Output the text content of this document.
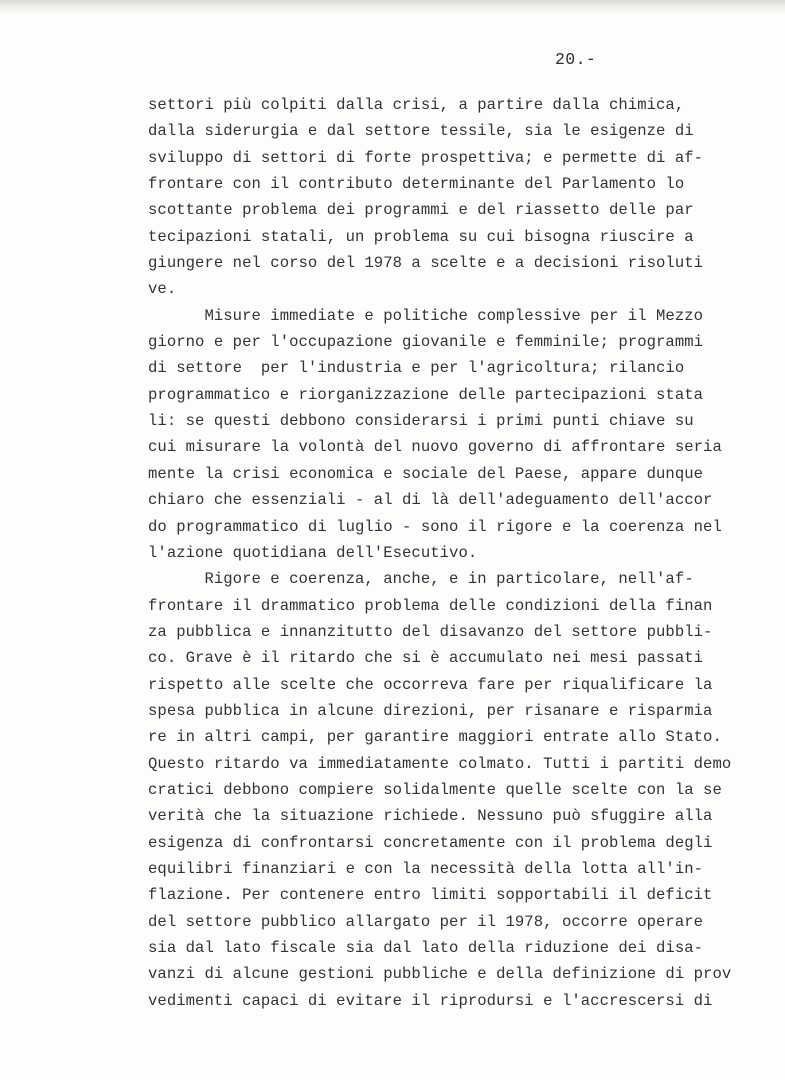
20.-
settori più colpiti dalla crisi, a partire dalla chimica,
dalla siderurgia e dal settore tessile, sia le esigenze di
sviluppo di settori di forte prospettiva; e permette di af-
frontare con il contributo determinante del Parlamento lo
scottante problema dei programmi e del riassetto delle par
tecipazioni statali, un problema su cui bisogna riuscire a
giungere nel corso del 1978 a scelte e a decisioni risoluti
ve.
Misure immediate e politiche complessive per il Mezzo
giorno e per l'occupazione giovanile e femminile; programmi
di settore  per l'industria e per l'agricoltura; rilancio
programmatico e riorganizzazione delle partecipazioni stata
li: se questi debbono considerarsi i primi punti chiave su
cui misurare la volontà del nuovo governo di affrontare seria
mente la crisi economica e sociale del Paese, appare dunque
chiaro che essenziali - al di là dell'adeguamento dell'accor
do programmatico di luglio - sono il rigore e la coerenza nel
l'azione quotidiana dell'Esecutivo.
Rigore e coerenza, anche, e in particolare, nell'af-
frontare il drammatico problema delle condizioni della finan
za pubblica e innanzitutto del disavanzo del settore pubbli-
co. Grave è il ritardo che si è accumulato nei mesi passati
rispetto alle scelte che occorreva fare per riqualificare la
spesa pubblica in alcune direzioni, per risanare e risparmia
re in altri campi, per garantire maggiori entrate allo Stato.
Questo ritardo va immediatamente colmato. Tutti i partiti demo
cratici debbono compiere solidalmente quelle scelte con la se
verità che la situazione richiede. Nessuno può sfuggire alla
esigenza di confrontarsi concretamente con il problema degli
equilibri finanziari e con la necessità della lotta all'in-
flazione. Per contenere entro limiti sopportabili il deficit
del settore pubblico allargato per il 1978, occorre operare
sia dal lato fiscale sia dal lato della riduzione dei disa-
vanzi di alcune gestioni pubbliche e della definizione di prov
vedimenti capaci di evitare il riprodursi e l'accrescersi di
